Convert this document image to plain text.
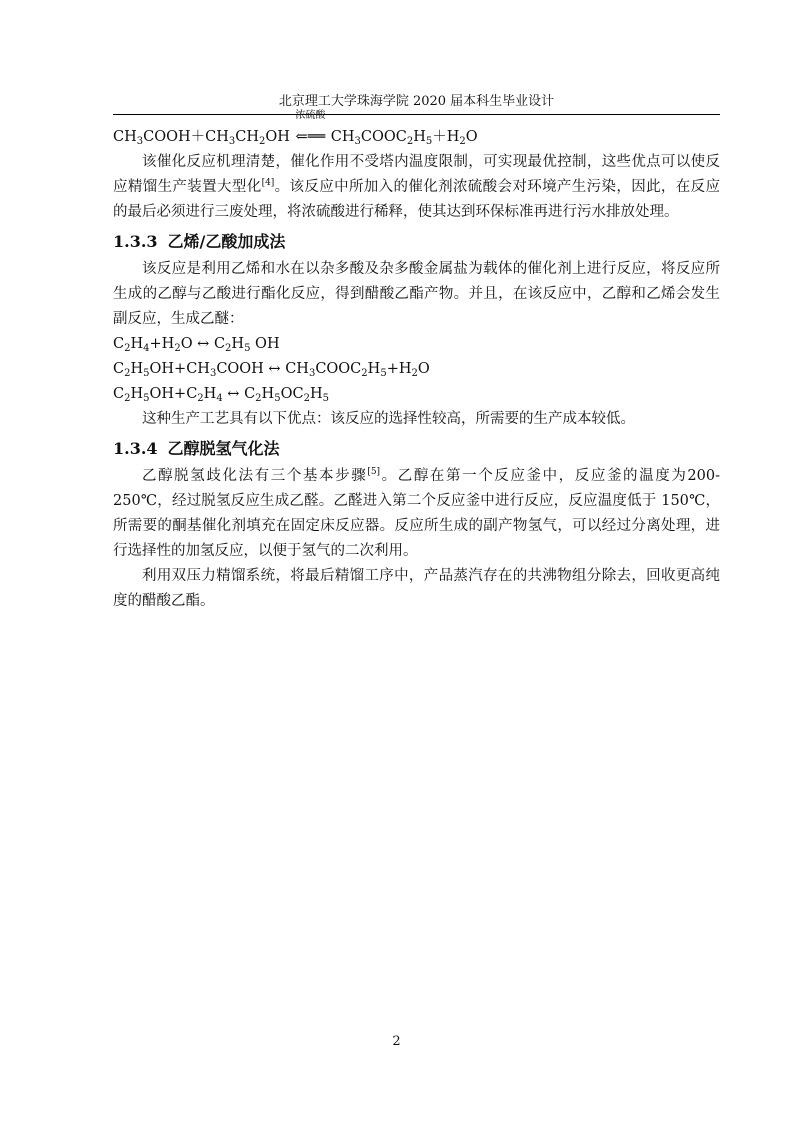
北京理工大学珠海学院 2020 届本科生毕业设计

$CH_3COOH+CH_3CH_2OH$
浓硫酸
⇐══ $CH_3COOC_2H_5+H_2O$

该催化反应机理清楚，催化作用不受塔内温度限制，可实现最优控制，这些优点可以使反应精馏生产装置大型化[4]。该反应中所加入的催化剂浓硫酸会对环境产生污染，因此，在反应的最后必须进行三废处理，将浓硫酸进行稀释，使其达到环保标准再进行污水排放处理。

1.3.3 乙烯/乙酸加成法

该反应是利用乙烯和水在以杂多酸及杂多酸金属盐为载体的催化剂上进行反应，将反应所生成的乙醇与乙酸进行酯化反应，得到醋酸乙酯产物。并且，在该反应中，乙醇和乙烯会发生副反应，生成乙醚：

$C_2H_4+H_2O$ ↔ $C_2H_5$ OH

$C_2H_5OH+CH_3COOH$ ↔ $CH_3COOC_2H_5+H_2O$

$C_2H_5OH+C_2H_4$ ↔ $C_2H_5OC_2H_5$

这种生产工艺具有以下优点：该反应的选择性较高，所需要的生产成本较低。

1.3.4 乙醇脱氢气化法

乙醇脱氢歧化法有三个基本步骤[5]。乙醇在第一个反应釜中，反应釜的温度为200-250℃，经过脱氢反应生成乙醛。乙醛进入第二个反应釜中进行反应，反应温度低于 150℃，所需要的酮基催化剂填充在固定床反应器。反应所生成的副产物氢气，可以经过分离处理，进行选择性的加氢反应，以便于氢气的二次利用。

利用双压力精馏系统，将最后精馏工序中，产品蒸汽存在的共沸物组分除去，回收更高纯度的醋酸乙酯。

2
